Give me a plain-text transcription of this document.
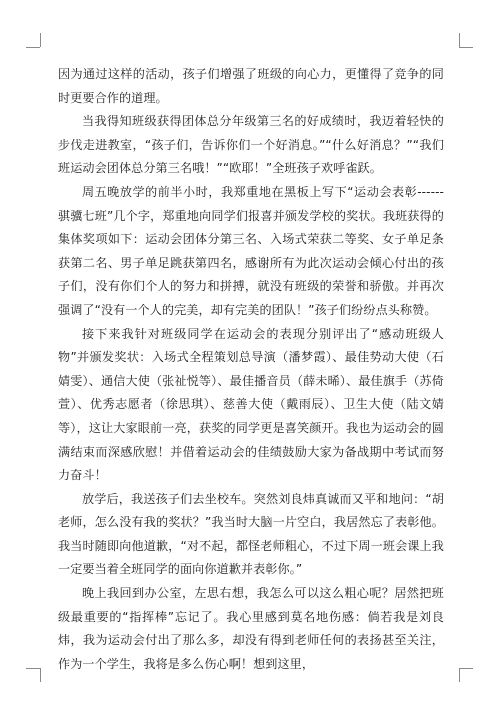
因为通过这样的活动，孩子们增强了班级的向心力，更懂得了竞争的同时更要合作的道理。

当我得知班级获得团体总分年级第三名的好成绩时，我迈着轻快的步伐走进教室，“孩子们，告诉你们一个好消息。”“什么好消息？”“我们班运动会团体总分第三名哦！”“欧耶！”全班孩子欢呼雀跃。

周五晚放学的前半小时，我郑重地在黑板上写下“运动会表彰------骐骥七班”几个字，郑重地向同学们报喜并颁发学校的奖状。我班获得的集体奖项如下：运动会团体分第三名、入场式荣获二等奖、女子单足条获第二名、男子单足跳获第四名，感谢所有为此次运动会倾心付出的孩子们，没有你们个人的努力和拼搏，就没有班级的荣誉和骄傲。并再次强调了“没有一个人的完美，却有完美的团队！”孩子们纷纷点头称赞。

接下来我针对班级同学在运动会的表现分别评出了“感动班级人物”并颁发奖状：入场式全程策划总导演（潘梦霞）、最佳势动大使（石婧雯）、通信大使（张祉悦等）、最佳播音员（薛未晞）、最佳旗手（苏倚萱）、优秀志愿者（徐思琪）、慈善大使（戴雨辰）、卫生大使（陆文婧等），这让大家眼前一亮，获奖的同学更是喜笑颜开。我也为运动会的圆满结束而深感欣慰！并借着运动会的佳绩鼓励大家为备战期中考试而努力奋斗！

放学后，我送孩子们去坐校车。突然刘良炜真诚而又平和地问：“胡老师，怎么没有我的奖状？”我当时大脑一片空白，我居然忘了表彰他。我当时随即向他道歉，“对不起，都怪老师粗心，不过下周一班会课上我一定要当着全班同学的面向你道歉并表彰你。”

晚上我回到办公室，左思右想，我怎么可以这么粗心呢？居然把班级最重要的“指挥棒”忘记了。我心里感到莫名地伤感：倘若我是刘良炜，我为运动会付出了那么多，却没有得到老师任何的表扬甚至关注，作为一个学生，我将是多么伤心啊！想到这里，
